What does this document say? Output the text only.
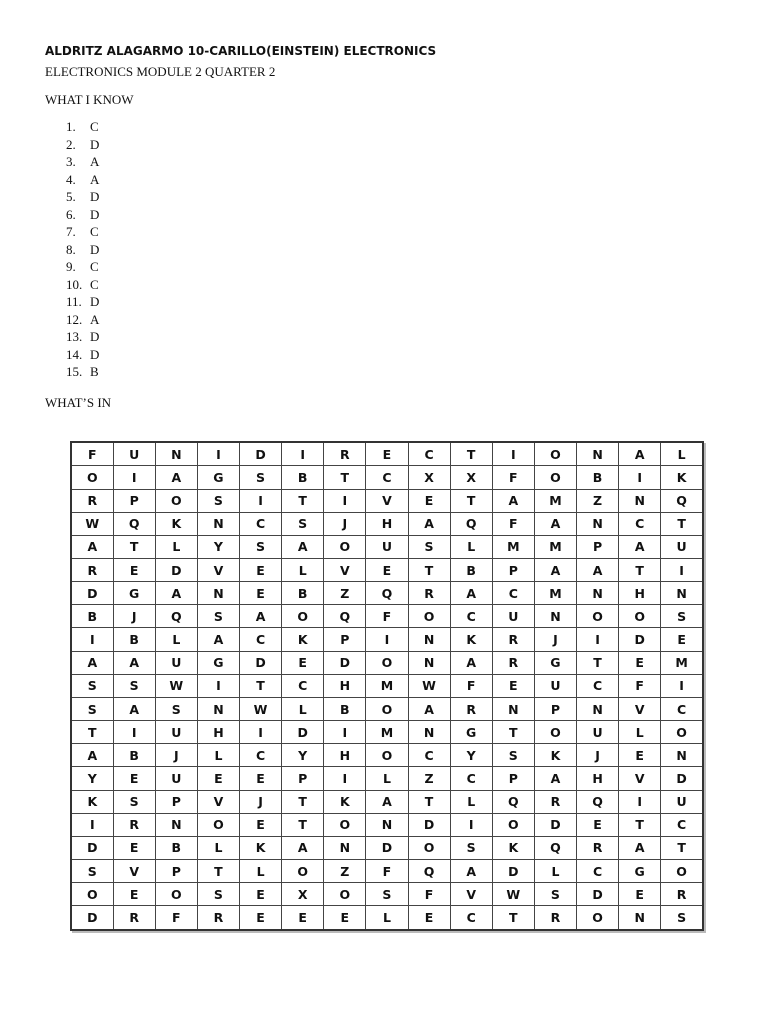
ALDRITZ ALAGARMO 10-CARILLO(EINSTEIN) ELECTRONICS
ELECTRONICS MODULE 2 QUARTER 2
WHAT I KNOW
1.	C
2.	D
3.	A
4.	A
5.	D
6.	D
7.	C
8.	D
9.	C
10. C
11. D
12. A
13. D
14. D
15. B
WHAT’S IN
F	U	N	I	D	I	R	E	C	T	I	O	N	A	L
O	I	A	G	S	B	T	C	X	X	F	O	B	I	K
R	P	O	S	I	T	I	V	E	T	A	M	Z	N	Q
W	Q	K	N	C	S	J	H	A	Q	F	A	N	C	T
A	T	L	Y	S	A	O	U	S	L	M	M	P	A	U
R	E	D	V	E	L	V	E	T	B	P	A	A	T	I
D	G	A	N	E	B	Z	Q	R	A	C	M	N	H	N
B	J	Q	S	A	O	Q	F	O	C	U	N	O	O	S
I	B	L	A	C	K	P	I	N	K	R	J	I	D	E
A	A	U	G	D	E	D	O	N	A	R	G	T	E	M
S	S	W	I	T	C	H	M	W	F	E	U	C	F	I
S	A	S	N	W	L	B	O	A	R	N	P	N	V	C
T	I	U	H	I	D	I	M	N	G	T	O	U	L	O
A	B	J	L	C	Y	H	O	C	Y	S	K	J	E	N
Y	E	U	E	E	P	I	L	Z	C	P	A	H	V	D
K	S	P	V	J	T	K	A	T	L	Q	R	Q	I	U
I	R	N	O	E	T	O	N	D	I	O	D	E	T	C
D	E	B	L	K	A	N	D	O	S	K	Q	R	A	T
S	V	P	T	L	O	Z	F	Q	A	D	L	C	G	O
O	E	O	S	E	X	O	S	F	V	W	S	D	E	R
D	R	F	R	E	E	E	L	E	C	T	R	O	N	S
